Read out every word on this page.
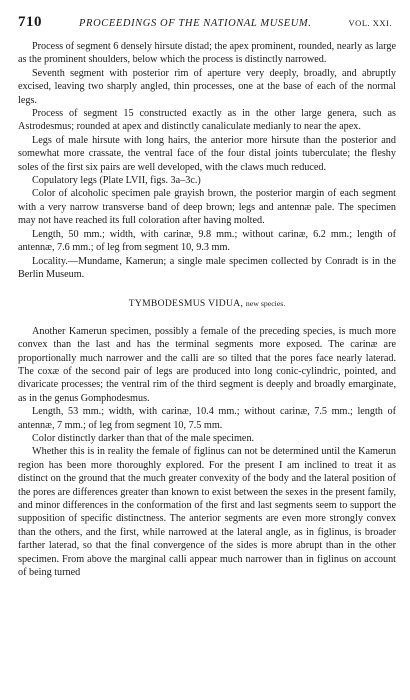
710	PROCEEDINGS OF THE NATIONAL MUSEUM.	VOL. XXI.

Process of segment 6 densely hirsute distad; the apex prominent, rounded, nearly as large as the prominent shoulders, below which the process is distinctly narrowed.

Seventh segment with posterior rim of aperture very deeply, broadly, and abruptly excised, leaving two sharply angled, thin processes, one at the base of each of the normal legs.

Process of segment 15 constructed exactly as in the other large genera, such as Astrodesmus; rounded at apex and distinctly canaliculate medianly to near the apex.

Legs of male hirsute with long hairs, the anterior more hirsute than the posterior and somewhat more crassate, the ventral face of the four distal joints tuberculate; the fleshy soles of the first six pairs are well developed, with the claws much reduced.

Copulatory legs (Plate LVII, figs. 3a–3c.)

Color of alcoholic specimen pale grayish brown, the posterior margin of each segment with a very narrow transverse band of deep brown; legs and antennæ pale. The specimen may not have reached its full coloration after having molted.

Length, 50 mm.; width, with carinæ, 9.8 mm.; without carinæ, 6.2 mm.; length of antennæ, 7.6 mm.; of leg from segment 10, 9.3 mm.

Locality.—Mundame, Kamerun; a single male specimen collected by Conradt is in the Berlin Museum.

TYMBODESMUS VIDUA, new species.

Another Kamerun specimen, possibly a female of the preceding species, is much more convex than the last and has the terminal segments more exposed. The carinæ are proportionally much narrower and the calli are so tilted that the pores face nearly laterad. The coxæ of the second pair of legs are produced into long conic-cylindric, pointed, and divaricate processes; the ventral rim of the third segment is deeply and broadly emarginate, as in the genus Gomphodesmus.

Length, 53 mm.; width, with carinæ, 10.4 mm.; without carinæ, 7.5 mm.; length of antennæ, 7 mm.; of leg from segment 10, 7.5 mm.

Color distinctly darker than that of the male specimen.

Whether this is in reality the female of figlinus can not be determined until the Kamerun region has been more thoroughly explored. For the present I am inclined to treat it as distinct on the ground that the much greater convexity of the body and the lateral position of the pores are differences greater than known to exist between the sexes in the present family, and minor differences in the conformation of the first and last segments seem to support the supposition of specific distinctness. The anterior segments are even more strongly convex than the others, and the first, while narrowed at the lateral angle, as in figlinus, is broader farther laterad, so that the final convergence of the sides is more abrupt than in the other specimen. From above the marginal calli appear much narrower than in figlinus on account of being turned
